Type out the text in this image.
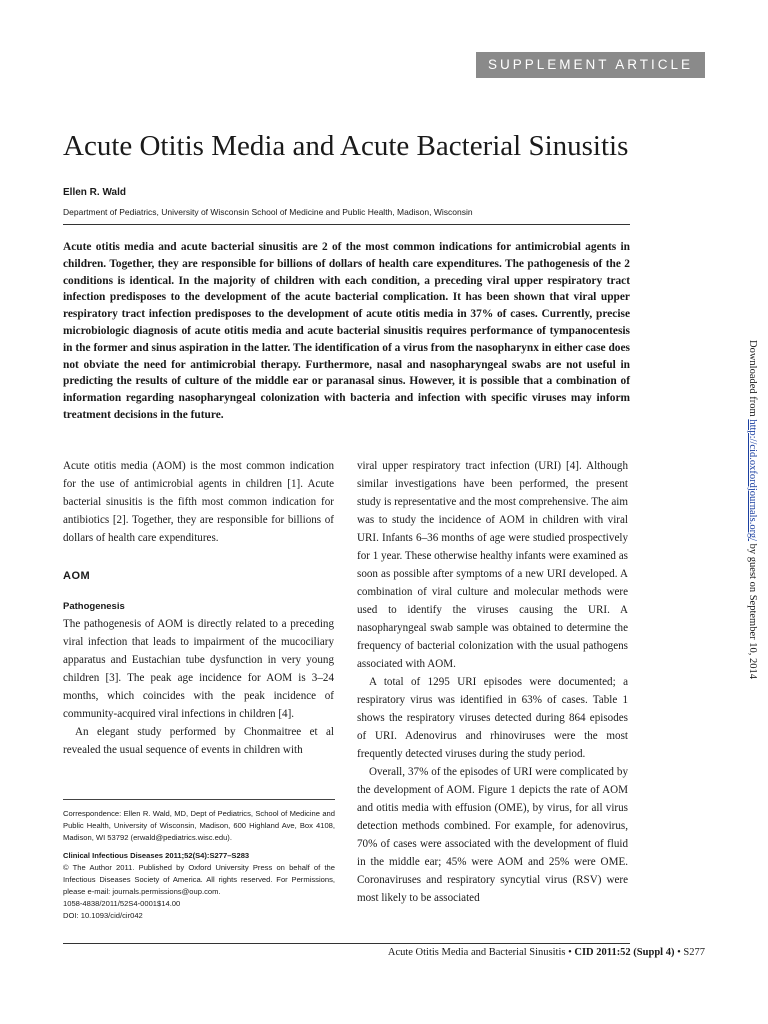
SUPPLEMENT ARTICLE
Acute Otitis Media and Acute Bacterial Sinusitis
Ellen R. Wald
Department of Pediatrics, University of Wisconsin School of Medicine and Public Health, Madison, Wisconsin

Acute otitis media and acute bacterial sinusitis are 2 of the most common indications for antimicrobial agents in children. Together, they are responsible for billions of dollars of health care expenditures. The pathogenesis of the 2 conditions is identical. In the majority of children with each condition, a preceding viral upper respiratory tract infection predisposes to the development of the acute bacterial complication. It has been shown that viral upper respiratory tract infection predisposes to the development of acute otitis media in 37% of cases. Currently, precise microbiologic diagnosis of acute otitis media and acute bacterial sinusitis requires performance of tympanocentesis in the former and sinus aspiration in the latter. The identification of a virus from the nasopharynx in either case does not obviate the need for antimicrobial therapy. Furthermore, nasal and nasopharyngeal swabs are not useful in predicting the results of culture of the middle ear or paranasal sinus. However, it is possible that a combination of information regarding nasopharyngeal colonization with bacteria and infection with specific viruses may inform treatment decisions in the future.

Acute otitis media (AOM) is the most common indication for the use of antimicrobial agents in children [1]. Acute bacterial sinusitis is the fifth most common indication for antibiotics [2]. Together, they are responsible for billions of dollars of health care expenditures.

AOM
Pathogenesis

The pathogenesis of AOM is directly related to a preceding viral infection that leads to impairment of the mucociliary apparatus and Eustachian tube dysfunction in very young children [3]. The peak age incidence for AOM is 3–24 months, which coincides with the peak incidence of community-acquired viral infections in children [4].

An elegant study performed by Chonmaitree et al revealed the usual sequence of events in children with

Correspondence: Ellen R. Wald, MD, Dept of Pediatrics, School of Medicine and Public Health, University of Wisconsin, Madison, 600 Highland Ave, Box 4108, Madison, WI 53792 (erwald@pediatrics.wisc.edu).

Clinical Infectious Diseases 2011;52(S4):S277–S283

© The Author 2011. Published by Oxford University Press on behalf of the Infectious Diseases Society of America. All rights reserved. For Permissions, please e-mail: journals.permissions@oup.com.

1058-4838/2011/52S4-0001$14.00

DOI: 10.1093/cid/cir042

viral upper respiratory tract infection (URI) [4]. Although similar investigations have been performed, the present study is representative and the most comprehensive. The aim was to study the incidence of AOM in children with viral URI. Infants 6–36 months of age were studied prospectively for 1 year. These otherwise healthy infants were examined as soon as possible after symptoms of a new URI developed. A combination of viral culture and molecular methods were used to identify the viruses causing the URI. A nasopharyngeal swab sample was obtained to determine the frequency of bacterial colonization with the usual pathogens associated with AOM.

A total of 1295 URI episodes were documented; a respiratory virus was identified in 63% of cases. Table 1 shows the respiratory viruses detected during 864 episodes of URI. Adenovirus and rhinoviruses were the most frequently detected viruses during the study period.

Overall, 37% of the episodes of URI were complicated by the development of AOM. Figure 1 depicts the rate of AOM and otitis media with effusion (OME), by virus, for all virus detection methods combined. For example, for adenovirus, 70% of cases were associated with the development of fluid in the middle ear; 45% were AOM and 25% were OME. Coronaviruses and respiratory syncytial virus (RSV) were most likely to be associated

Acute Otitis Media and Bacterial Sinusitis • CID 2011:52 (Suppl 4) • S277
Downloaded from http://cid.oxfordjournals.org/ by guest on September 10, 2014
